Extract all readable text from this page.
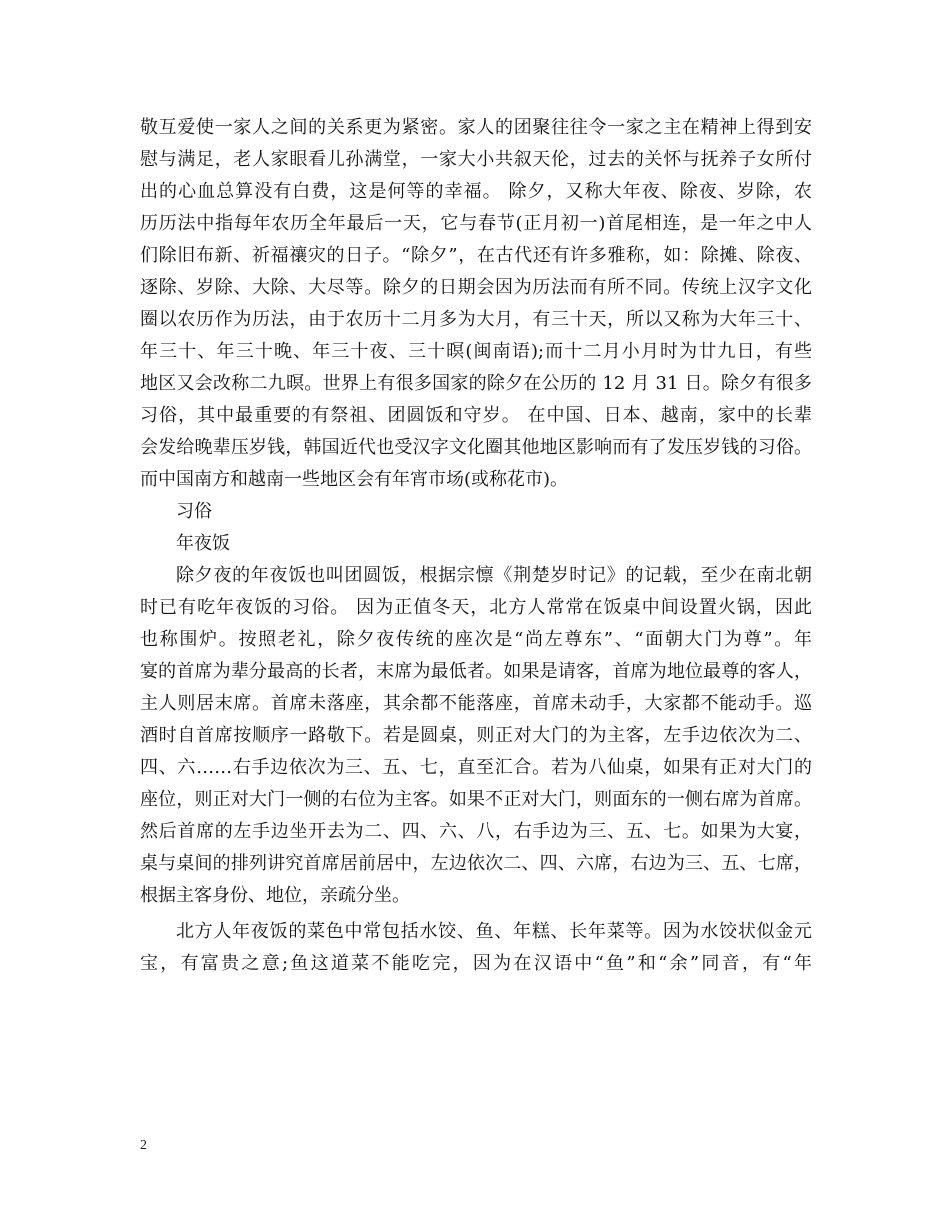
敬互爱使一家人之间的关系更为紧密。家人的团聚往往令一家之主在精神上得到安
慰与满足，老人家眼看儿孙满堂，一家大小共叙天伦，过去的关怀与抚养子女所付
出的心血总算没有白费，这是何等的幸福。 除夕，又称大年夜、除夜、岁除，农
历历法中指每年农历全年最后一天，它与春节(正月初一)首尾相连，是一年之中人
们除旧布新、祈福禳灾的日子。“除夕”，在古代还有许多雅称，如：除摊、除夜、
逐除、岁除、大除、大尽等。除夕的日期会因为历法而有所不同。传统上汉字文化
圈以农历作为历法，由于农历十二月多为大月，有三十天，所以又称为大年三十、
年三十、年三十晚、年三十夜、三十暝(闽南语);而十二月小月时为廿九日，有些
地区又会改称二九暝。世界上有很多国家的除夕在公历的 12 月 31 日。除夕有很多
习俗，其中最重要的有祭祖、团圆饭和守岁。 在中国、日本、越南，家中的长辈
会发给晚辈压岁钱，韩国近代也受汉字文化圈其他地区影响而有了发压岁钱的习俗。
而中国南方和越南一些地区会有年宵市场(或称花市)。
习俗
年夜饭
除夕夜的年夜饭也叫团圆饭，根据宗懔《荆楚岁时记》的记载，至少在南北朝
时已有吃年夜饭的习俗。 因为正值冬天，北方人常常在饭桌中间设置火锅，因此
也称围炉。按照老礼，除夕夜传统的座次是“尚左尊东”、“面朝大门为尊”。年
宴的首席为辈分最高的长者，末席为最低者。如果是请客，首席为地位最尊的客人，
主人则居末席。首席未落座，其余都不能落座，首席未动手，大家都不能动手。巡
酒时自首席按顺序一路敬下。若是圆桌，则正对大门的为主客，左手边依次为二、
四、六……右手边依次为三、五、七，直至汇合。若为八仙桌，如果有正对大门的
座位，则正对大门一侧的右位为主客。如果不正对大门，则面东的一侧右席为首席。
然后首席的左手边坐开去为二、四、六、八，右手边为三、五、七。如果为大宴，
桌与桌间的排列讲究首席居前居中，左边依次二、四、六席，右边为三、五、七席，
根据主客身份、地位，亲疏分坐。
北方人年夜饭的菜色中常包括水饺、鱼、年糕、长年菜等。因为水饺状似金元
宝，有富贵之意;鱼这道菜不能吃完，因为在汉语中“鱼”和“余”同音，有“年
2
